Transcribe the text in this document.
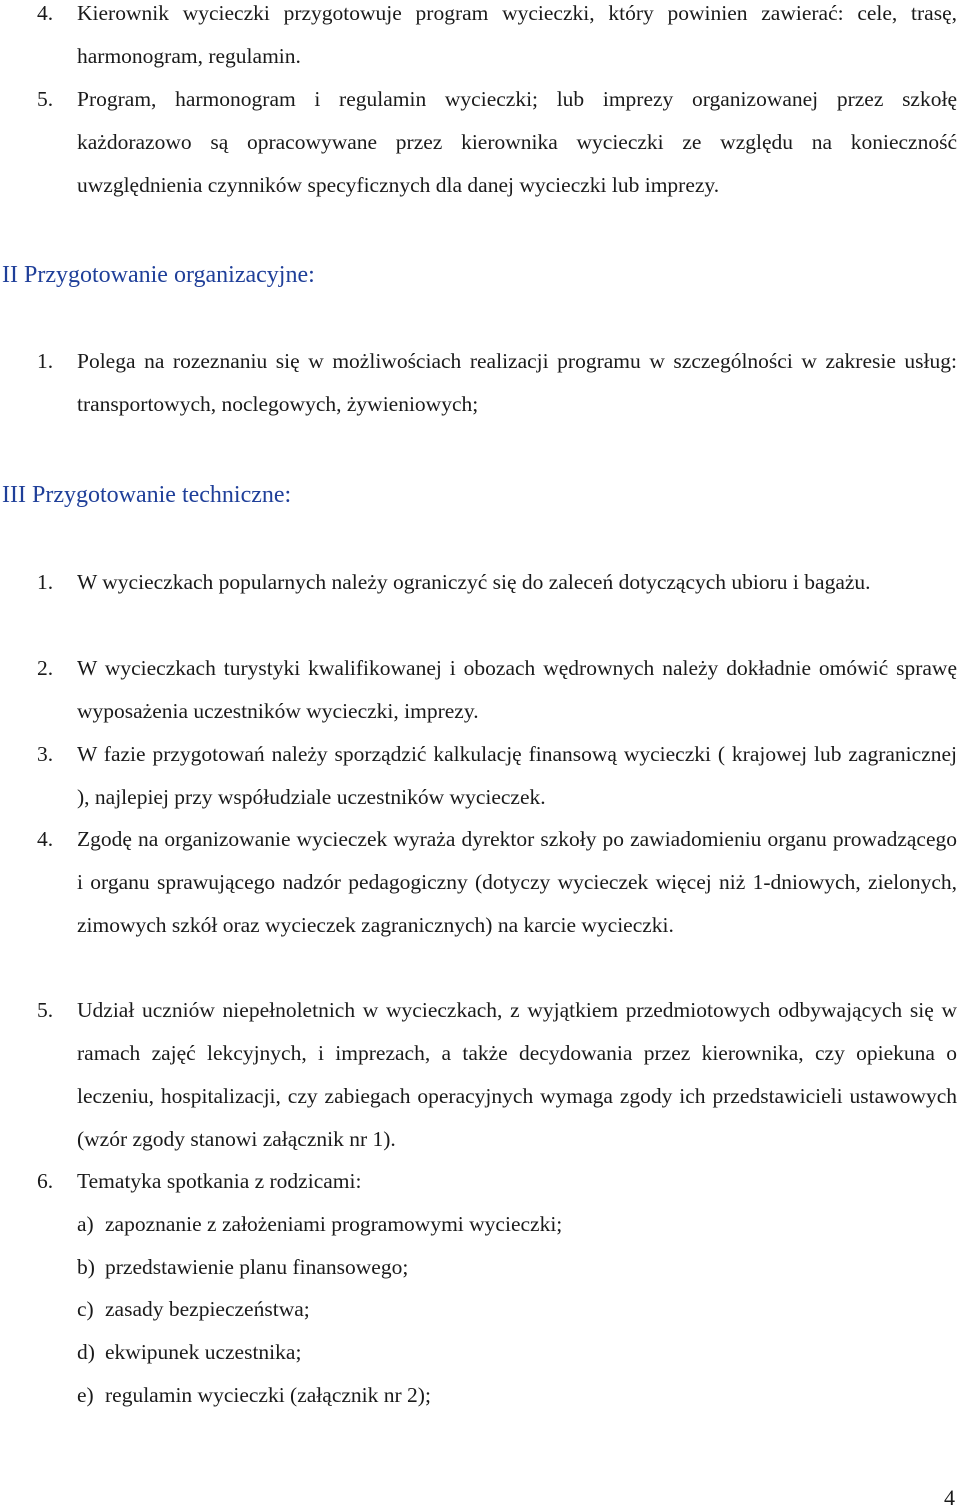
4. Kierownik wycieczki przygotowuje program wycieczki, który powinien zawierać: cele, trasę, harmonogram, regulamin.
5. Program, harmonogram i regulamin wycieczki; lub imprezy organizowanej przez szkołę każdorazowo są opracowywane przez kierownika wycieczki ze względu na konieczność uwzględnienia czynników specyficznych dla danej wycieczki lub imprezy.
II Przygotowanie organizacyjne:
1. Polega na rozeznaniu się w możliwościach realizacji programu w szczególności w zakresie usług: transportowych, noclegowych, żywieniowych;
III Przygotowanie techniczne:
1. W wycieczkach popularnych należy ograniczyć się do zaleceń dotyczących ubioru i bagażu.
2. W wycieczkach turystyki kwalifikowanej i obozach wędrownych należy dokładnie omówić sprawę wyposażenia uczestników wycieczki, imprezy.
3. W fazie przygotowań należy sporządzić kalkulację finansową wycieczki ( krajowej lub zagranicznej ), najlepiej przy współudziale uczestników wycieczek.
4. Zgodę na organizowanie wycieczek wyraża dyrektor szkoły po zawiadomieniu organu prowadzącego i organu sprawującego nadzór pedagogiczny (dotyczy wycieczek więcej niż 1-dniowych, zielonych, zimowych szkół oraz wycieczek zagranicznych) na karcie wycieczki.
5. Udział uczniów niepełnoletnich w wycieczkach, z wyjątkiem przedmiotowych odbywających się w ramach zajęć lekcyjnych, i imprezach, a także decydowania przez kierownika, czy opiekuna o leczeniu, hospitalizacji, czy zabiegach operacyjnych wymaga zgody ich przedstawicieli ustawowych (wzór zgody stanowi załącznik nr 1).
6. Tematyka spotkania z rodzicami:
a) zapoznanie z założeniami programowymi wycieczki;
b) przedstawienie planu finansowego;
c) zasady bezpieczeństwa;
d) ekwipunek uczestnika;
e) regulamin wycieczki (załącznik nr 2);
4
